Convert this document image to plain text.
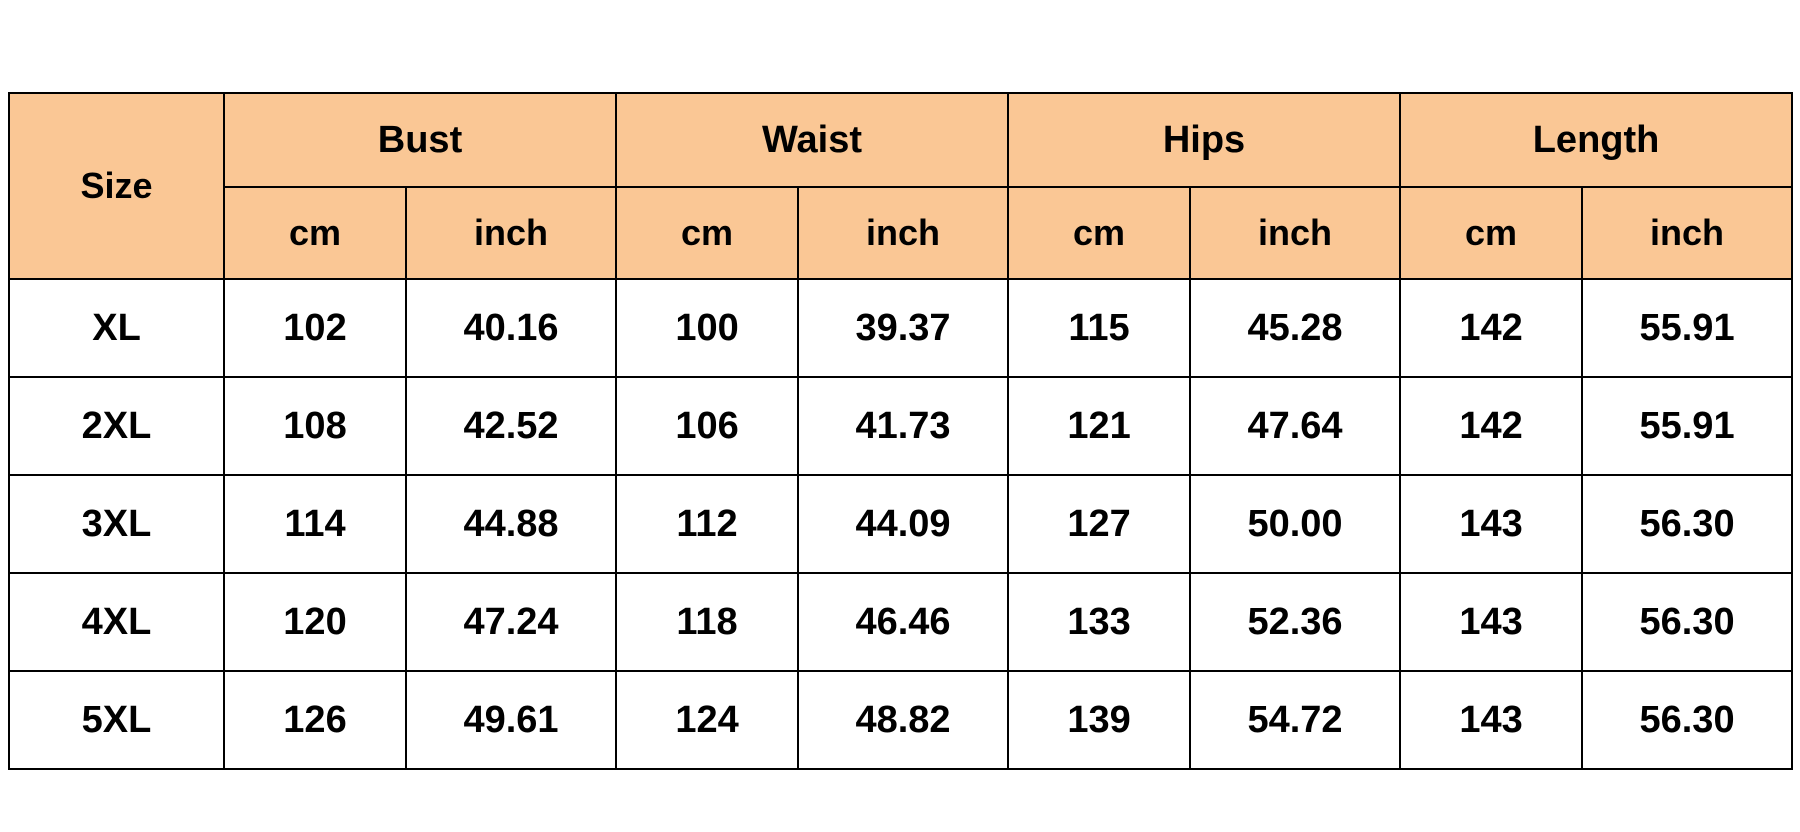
Size	Bust		Waist		Hips		Length	
	cm	inch	cm	inch	cm	inch	cm	inch
XL	102	40.16	100	39.37	115	45.28	142	55.91
2XL	108	42.52	106	41.73	121	47.64	142	55.91
3XL	114	44.88	112	44.09	127	50.00	143	56.30
4XL	120	47.24	118	46.46	133	52.36	143	56.30
5XL	126	49.61	124	48.82	139	54.72	143	56.30
